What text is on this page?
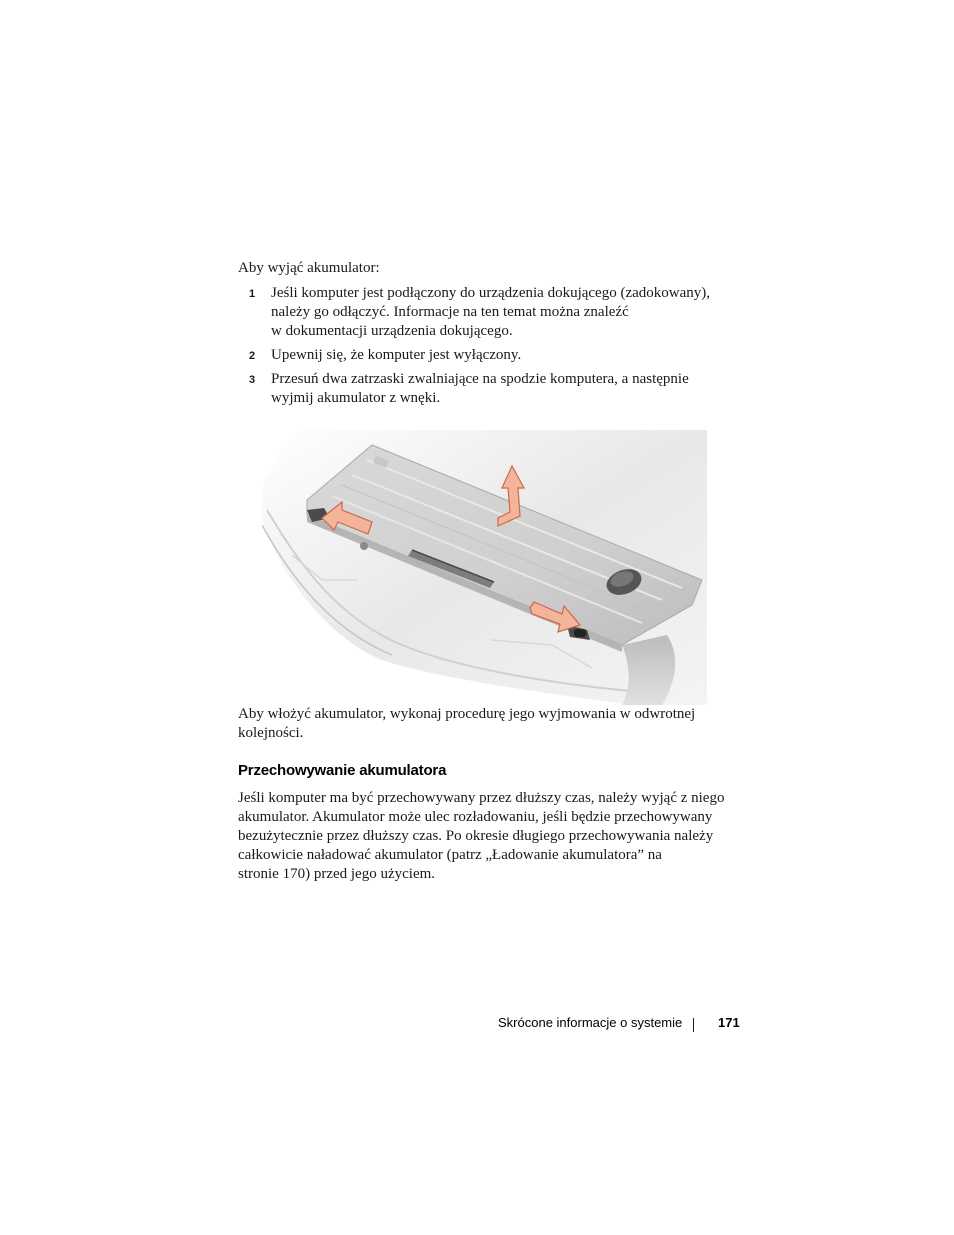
Aby wyjąć akumulator:

1 Jeśli komputer jest podłączony do urządzenia dokującego (zadokowany),
należy go odłączyć. Informacje na ten temat można znaleźć
w dokumentacji urządzenia dokującego.
2 Upewnij się, że komputer jest wyłączony.
3 Przesuń dwa zatrzaski zwalniające na spodzie komputera, a następnie
wyjmij akumulator z wnęki.

Aby włożyć akumulator, wykonaj procedurę jego wyjmowania w odwrotnej
kolejności.

Przechowywanie akumulatora

Jeśli komputer ma być przechowywany przez dłuższy czas, należy wyjąć z niego
akumulator. Akumulator może ulec rozładowaniu, jeśli będzie przechowywany
bezużytecznie przez dłuższy czas. Po okresie długiego przechowywania należy
całkowicie naładować akumulator (patrz „Ładowanie akumulatora” na
stronie 170) przed jego użyciem.

Skrócone informacje o systemie	171
